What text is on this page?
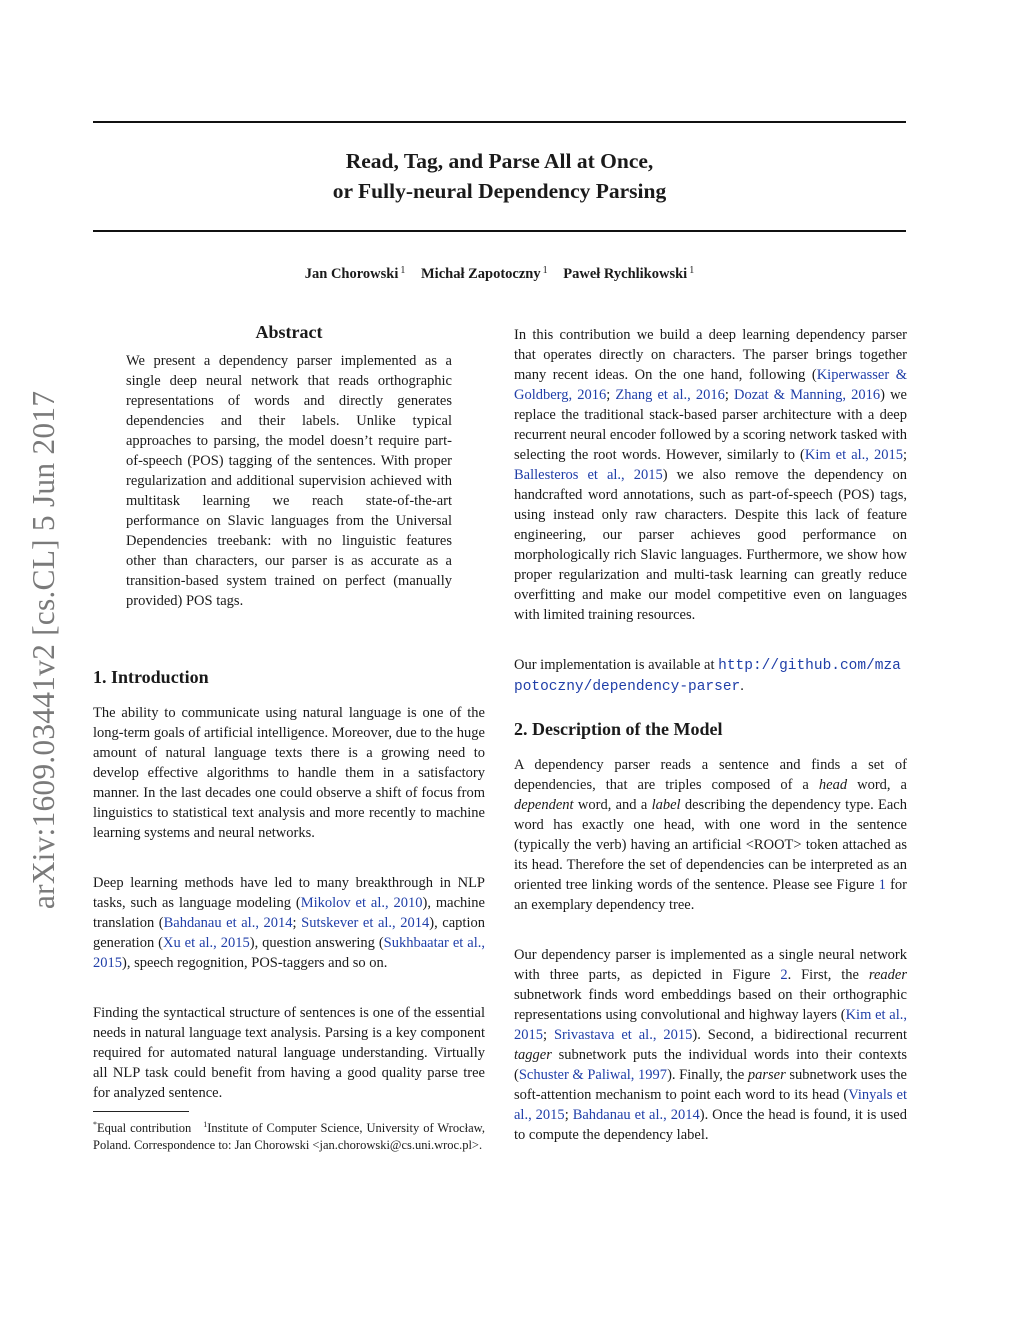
Read, Tag, and Parse All at Once,
or Fully-neural Dependency Parsing
Jan Chorowski $^1$ Michał Zapotoczny $^1$ Paweł Rychlikowski $^1$
arXiv:1609.03441v2 [cs.CL] 5 Jun 2017
Abstract
We present a dependency parser implemented as a single deep neural network that reads orthographic representations of words and directly generates dependencies and their labels. Unlike typical approaches to parsing, the model doesn’t require part-of-speech (POS) tagging of the sentences. With proper regularization and additional supervision achieved with multitask learning we reach state-of-the-art performance on Slavic languages from the Universal Dependencies treebank: with no linguistic features other than characters, our parser is as accurate as a transition-based system trained on perfect (manually provided) POS tags.

1. Introduction

The ability to communicate using natural language is one of the long-term goals of artificial intelligence. Moreover, due to the huge amount of natural language texts there is a growing need to develop effective algorithms to handle them in a satisfactory manner. In the last decades one could observe a shift of focus from linguistics to statistical text analysis and more recently to machine learning systems and neural networks.

Deep learning methods have led to many breakthrough in NLP tasks, such as language modeling (Mikolov et al., 2010), machine translation (Bahdanau et al., 2014; Sutskever et al., 2014), caption generation (Xu et al., 2015), question answering (Sukhbaatar et al., 2015), speech regognition, POS-taggers and so on.

Finding the syntactical structure of sentences is one of the essential needs in natural language text analysis. Parsing is a key component required for automated natural language understanding. Virtually all NLP task could benefit from having a good quality parse tree for analyzed sentence.

*Equal contribution $^1$Institute of Computer Science, University of Wrocław, Poland. Correspondence to: Jan Chorowski <jan.chorowski@cs.uni.wroc.pl>.

In this contribution we build a deep learning dependency parser that operates directly on characters. The parser brings together many recent ideas. On the one hand, following (Kiperwasser & Goldberg, 2016; Zhang et al., 2016; Dozat & Manning, 2016) we replace the traditional stack-based parser architecture with a deep recurrent neural encoder followed by a scoring network tasked with selecting the root words. However, similarly to (Kim et al., 2015; Ballesteros et al., 2015) we also remove the dependency on handcrafted word annotations, such as part-of-speech (POS) tags, using instead only raw characters. Despite this lack of feature engineering, our parser achieves good performance on morphologically rich Slavic languages. Furthermore, we show how proper regularization and multi-task learning can greatly reduce overfitting and make our model competitive even on languages with limited training resources.

Our implementation is available at http://github.com/mzapotoczny/dependency-parser.

2. Description of the Model

A dependency parser reads a sentence and finds a set of dependencies, that are triples composed of a head word, a dependent word, and a label describing the dependency type. Each word has exactly one head, with one word in the sentence (typically the verb) having an artificial <ROOT> token attached as its head. Therefore the set of dependencies can be interpreted as an oriented tree linking words of the sentence. Please see Figure 1 for an exemplary dependency tree.

Our dependency parser is implemented as a single neural network with three parts, as depicted in Figure 2. First, the reader subnetwork finds word embeddings based on their orthographic representations using convolutional and highway layers (Kim et al., 2015; Srivastava et al., 2015). Second, a bidirectional recurrent tagger subnetwork puts the individual words into their contexts (Schuster & Paliwal, 1997). Finally, the parser subnetwork uses the soft-attention mechanism to point each word to its head (Vinyals et al., 2015; Bahdanau et al., 2014). Once the head is found, it is used to compute the dependency label.
